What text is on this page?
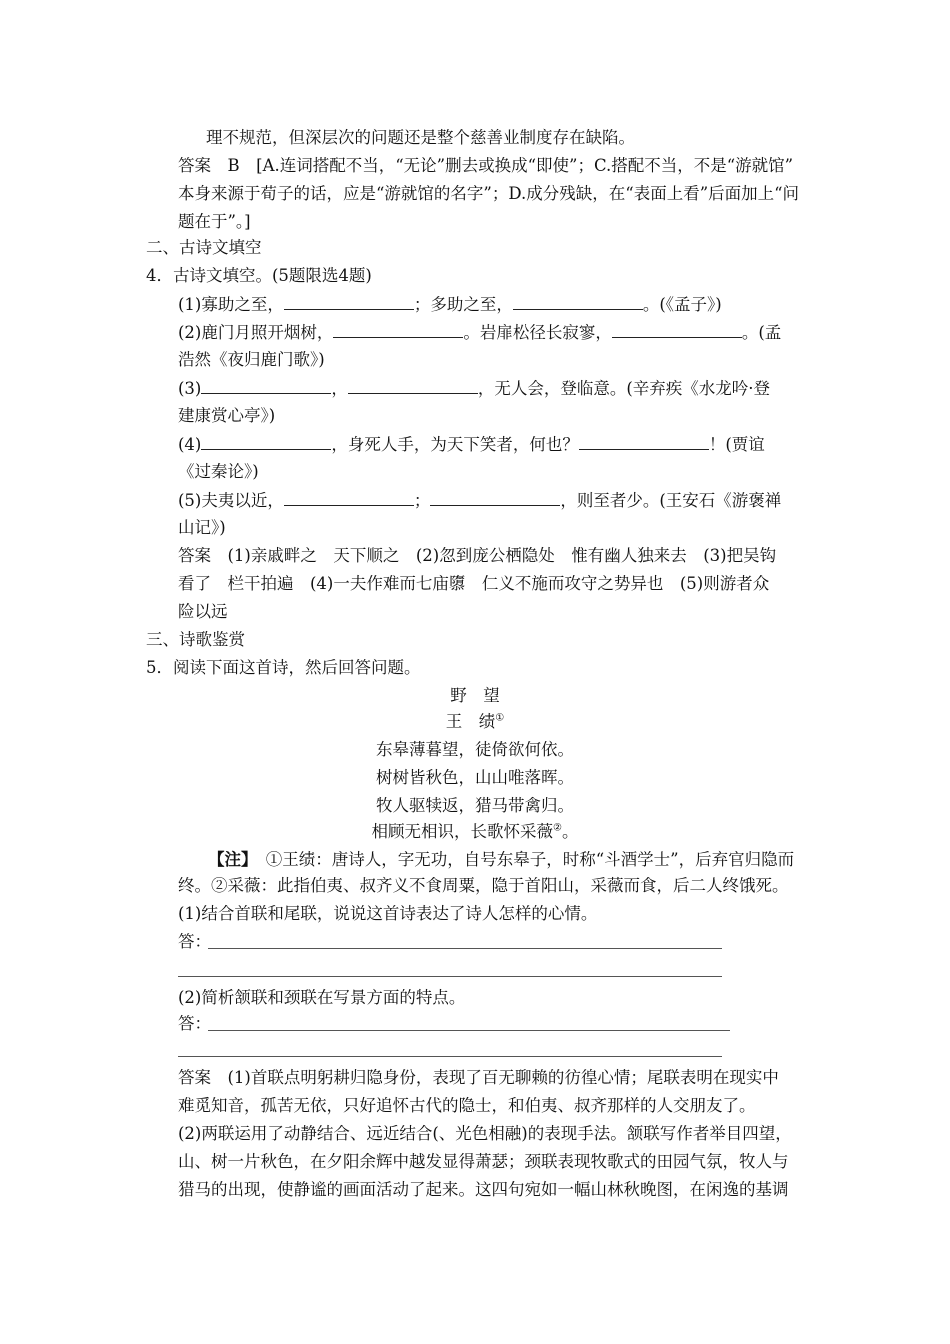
理不规范，但深层次的问题还是整个慈善业制度存在缺陷。
答案　B　[A.连词搭配不当，“无论”删去或换成“即使”；C.搭配不当，不是“游就馆”
本身来源于荀子的话，应是“游就馆的名字”；D.成分残缺，在“表面上看”后面加上“问
题在于”。]
二、古诗文填空
4．古诗文填空。(5题限选4题)
(1)寡助之至，	；多助之至，	。(《孟子》)
(2)鹿门月照开烟树，	。岩扉松径长寂寥，	。(孟
浩然《夜归鹿门歌》)
(3)	，	，无人会，登临意。(辛弃疾《水龙吟·登
建康赏心亭》)
(4)	，身死人手，为天下笑者，何也？	！(贾谊
《过秦论》)
(5)夫夷以近，	；	，则至者少。(王安石《游褒禅
山记》)
答案　(1)亲戚畔之　天下顺之　(2)忽到庞公栖隐处　惟有幽人独来去　(3)把吴钩
看了　栏干拍遍　(4)一夫作难而七庙隳　仁义不施而攻守之势异也　(5)则游者众
险以远
三、诗歌鉴赏
5．阅读下面这首诗，然后回答问题。
野　望
王　绩①
东皋薄暮望，徒倚欲何依。
树树皆秋色，山山唯落晖。
牧人驱犊返，猎马带禽归。
相顾无相识，长歌怀采薇②。
【注】  ①王绩：唐诗人，字无功，自号东皋子，时称“斗酒学士”，后弃官归隐而
终。②采薇：此指伯夷、叔齐义不食周粟，隐于首阳山，采薇而食，后二人终饿死。
(1)结合首联和尾联，说说这首诗表达了诗人怎样的心情。
答：
(2)简析颔联和颈联在写景方面的特点。
答：
答案　(1)首联点明躬耕归隐身份，表现了百无聊赖的彷徨心情；尾联表明在现实中
难觅知音，孤苦无依，只好追怀古代的隐士，和伯夷、叔齐那样的人交朋友了。
(2)两联运用了动静结合、远近结合(、光色相融)的表现手法。颔联写作者举目四望，
山、树一片秋色，在夕阳余辉中越发显得萧瑟；颈联表现牧歌式的田园气氛，牧人与
猎马的出现，使静谧的画面活动了起来。这四句宛如一幅山林秋晚图，在闲逸的基调
